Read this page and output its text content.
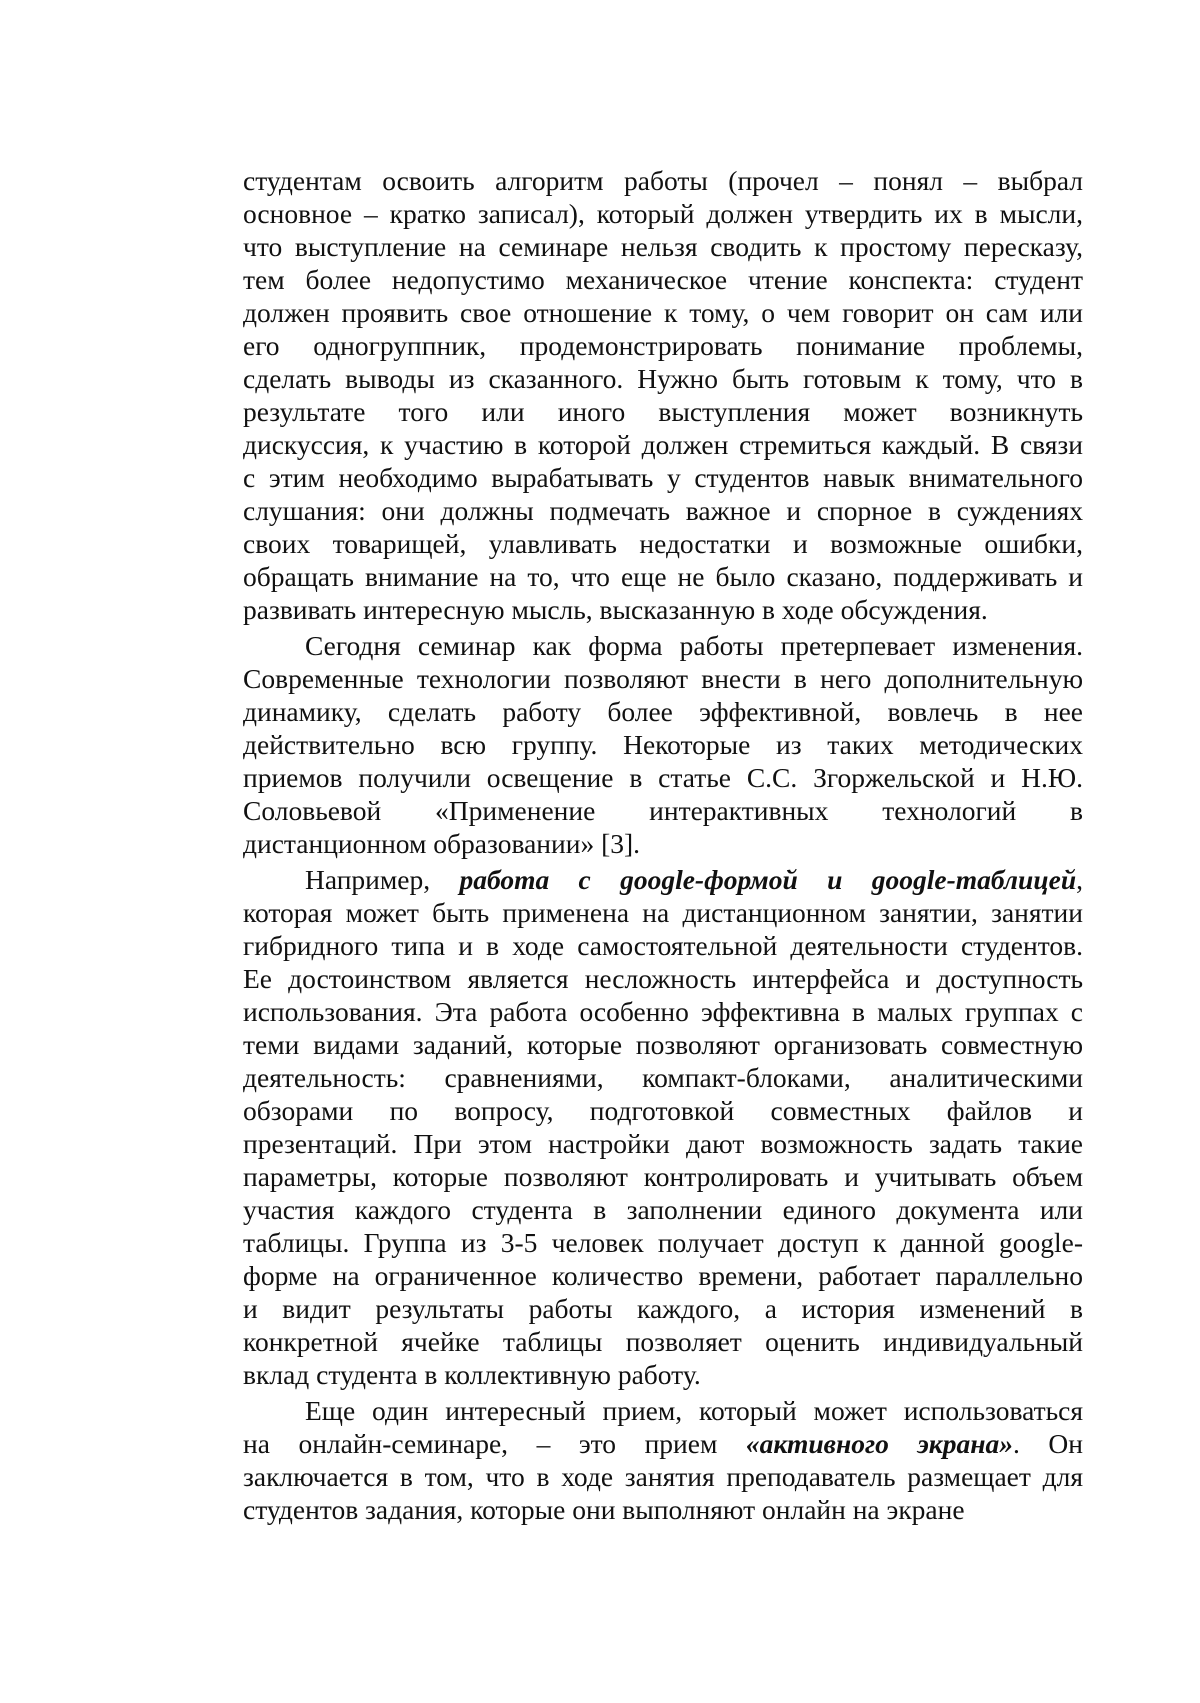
студентам освоить алгоритм работы (прочел – понял – выбрал
основное – кратко записал), который должен утвердить их в мысли,
что выступление на семинаре нельзя сводить к простому пересказу,
тем более недопустимо механическое чтение конспекта: студент
должен проявить свое отношение к тому, о чем говорит он сам или
его одногруппник, продемонстрировать понимание проблемы,
сделать выводы из сказанного. Нужно быть готовым к тому, что в
результате того или иного выступления может возникнуть
дискуссия, к участию в которой должен стремиться каждый. В связи
с этим необходимо вырабатывать у студентов навык внимательного
слушания: они должны подмечать важное и спорное в суждениях
своих товарищей, улавливать недостатки и возможные ошибки,
обращать внимание на то, что еще не было сказано, поддерживать и
развивать интересную мысль, высказанную в ходе обсуждения.
Сегодня семинар как форма работы претерпевает изменения.
Современные технологии позволяют внести в него дополнительную
динамику, сделать работу более эффективной, вовлечь в нее
действительно всю группу. Некоторые из таких методических
приемов получили освещение в статье С.С. Згоржельской и Н.Ю.
Соловьевой «Применение интерактивных технологий в
дистанционном образовании» [3].
Например, работа с google-формой и google-таблицей,
которая может быть применена на дистанционном занятии, занятии
гибридного типа и в ходе самостоятельной деятельности студентов.
Ее достоинством является несложность интерфейса и доступность
использования. Эта работа особенно эффективна в малых группах с
теми видами заданий, которые позволяют организовать совместную
деятельность: сравнениями, компакт-блоками, аналитическими
обзорами по вопросу, подготовкой совместных файлов и
презентаций. При этом настройки дают возможность задать такие
параметры, которые позволяют контролировать и учитывать объем
участия каждого студента в заполнении единого документа или
таблицы. Группа из 3-5 человек получает доступ к данной google-
форме на ограниченное количество времени, работает параллельно
и видит результаты работы каждого, а история изменений в
конкретной ячейке таблицы позволяет оценить индивидуальный
вклад студента в коллективную работу.
Еще один интересный прием, который может использоваться
на онлайн-семинаре, – это прием «активного экрана». Он
заключается в том, что в ходе занятия преподаватель размещает для
студентов задания, которые они выполняют онлайн на экране
